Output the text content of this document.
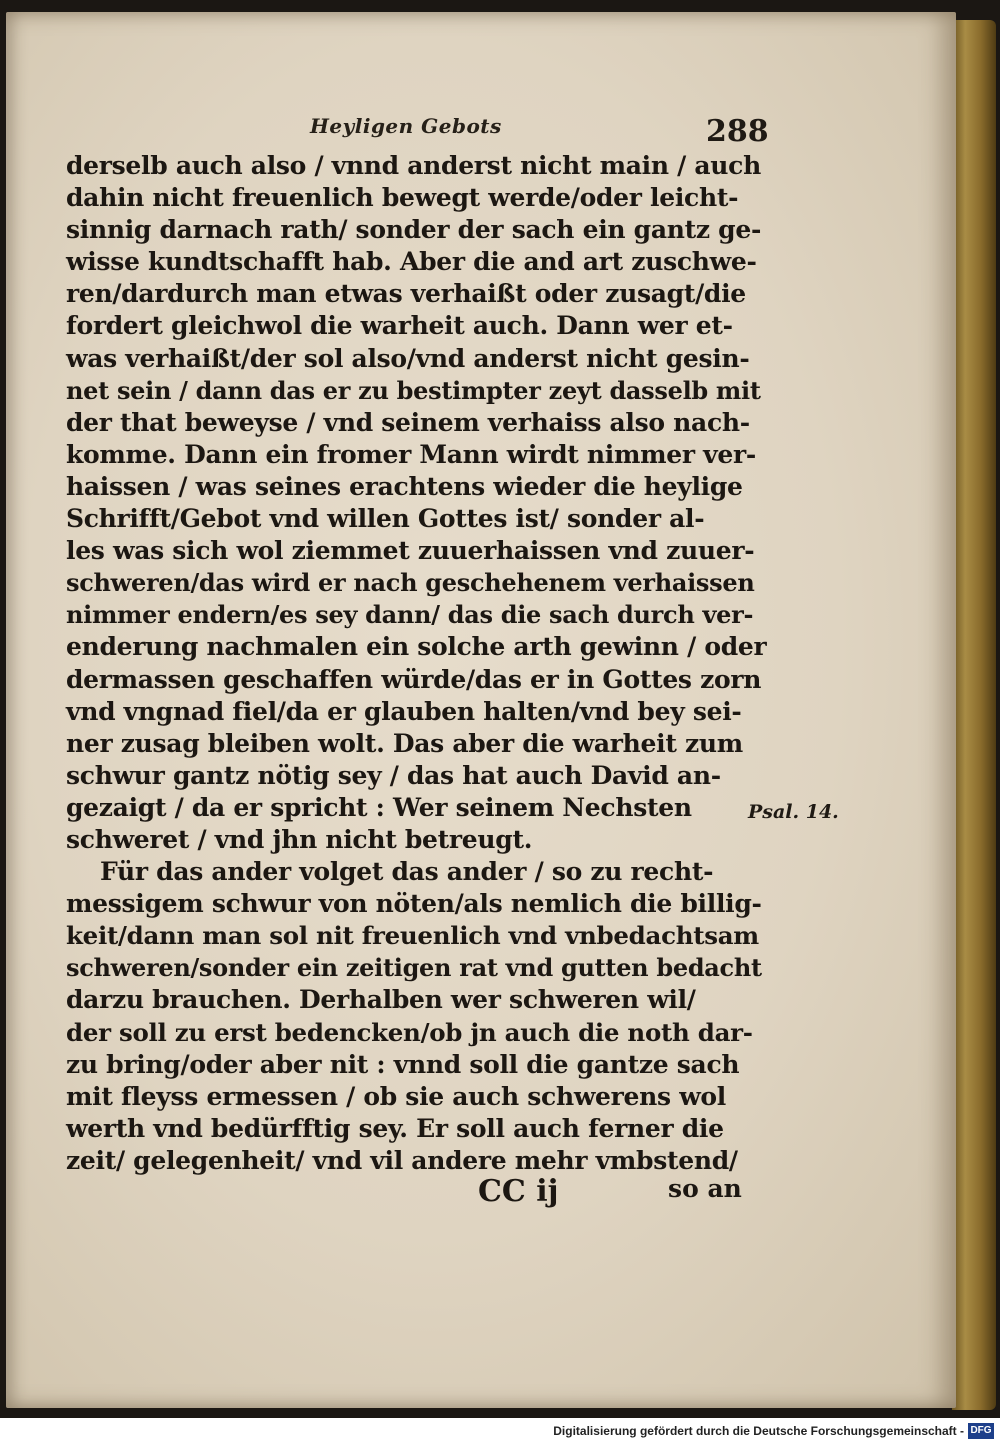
Heyligen Gebots	288
derselb auch also / vnnd anderst nicht main / auch
dahin nicht freuenlich bewegt werde/oder leicht-
sinnig darnach rath/ sonder der sach ein gantz ge-
wisse kundtschafft hab. Aber die and art zuschwe-
ren/dardurch man etwas verhaißt oder zusagt/die
fordert gleichwol die warheit auch. Dann wer et-
was verhaißt/der sol also/vnd anderst nicht gesin-
net sein / dann das er zu bestimpter zeyt dasselb mit
der that beweyse / vnd seinem verhaiss also nach-
komme. Dann ein fromer Mann wirdt nimmer ver-
haissen / was seines erachtens wieder die heylige
Schrifft/Gebot vnd willen Gottes ist/ sonder al-
les was sich wol ziemmet zuuerhaissen vnd zuuer-
schweren/das wird er nach geschehenem verhaissen
nimmer endern/es sey dann/ das die sach durch ver-
enderung nachmalen ein solche arth gewinn / oder
dermassen geschaffen würde/das er in Gottes zorn
vnd vngnad fiel/da er glauben halten/vnd bey sei-
ner zusag bleiben wolt. Das aber die warheit zum
schwur gantz nötig sey / das hat auch David an-
gezaigt / da er spricht : Wer seinem Nechsten
schweret / vnd jhn nicht betreugt.
Für das ander volget das ander / so zu recht-
messigem schwur von nöten/als nemlich die billig-
keit/dann man sol nit freuenlich vnd vnbedachtsam
schweren/sonder ein zeitigen rat vnd gutten bedacht
darzu brauchen. Derhalben wer schweren wil/
der soll zu erst bedencken/ob jn auch die noth dar-
zu bring/oder aber nit : vnnd soll die gantze sach
mit fleyss ermessen / ob sie auch schwerens wol
werth vnd bedürfftig sey. Er soll auch ferner die
zeit/ gelegenheit/ vnd vil andere mehr vmbstend/
Psal. 14.
CC ij	so an
Digitalisierung gefördert durch die Deutsche Forschungsgemeinschaft - DFG
